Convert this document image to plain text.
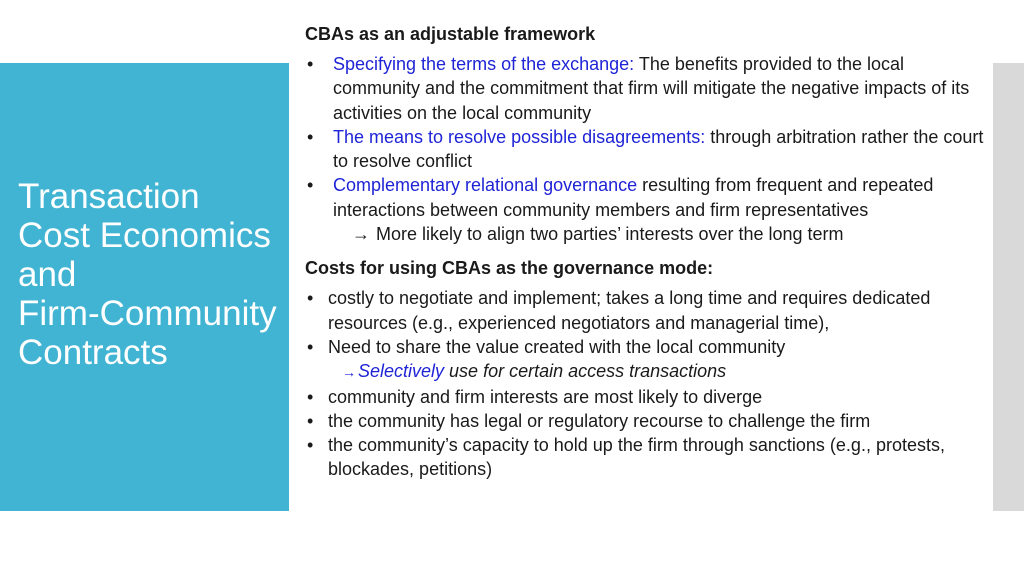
Transaction
Cost Economics
and
Firm-Community
Contracts

CBAs as an adjustable framework

• Specifying the terms of the exchange: The benefits provided to the local community and the commitment that firm will mitigate the negative impacts of its activities on the local community
• The means to resolve possible disagreements: through arbitration rather the court to resolve conflict
• Complementary relational governance resulting from frequent and repeated interactions between community members and firm representatives
→ More likely to align two parties’ interests over the long term

Costs for using CBAs as the governance mode:

• costly to negotiate and implement; takes a long time and requires dedicated resources (e.g., experienced negotiators and managerial time),
• Need to share the value created with the local community
→ Selectively use for certain access transactions
• community and firm interests are most likely to diverge
• the community has legal or regulatory recourse to challenge the firm
• the community’s capacity to hold up the firm through sanctions (e.g., protests, blockades, petitions)
